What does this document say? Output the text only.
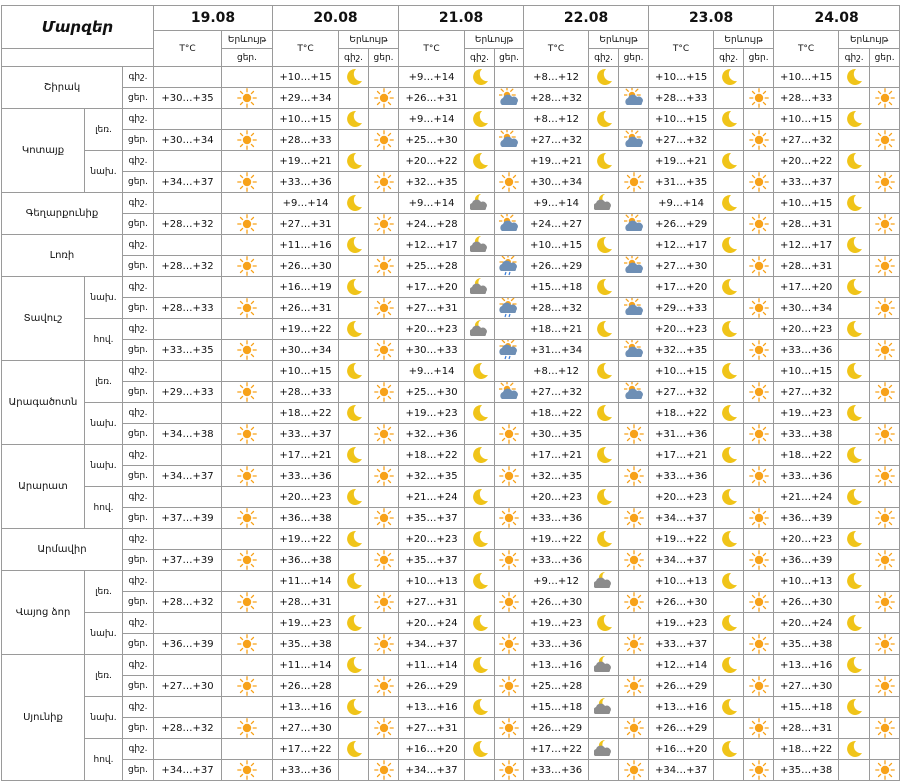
Մարզեր			19.08		20.08			21.08			22.08			23.08			24.08		
			T°C	Երևույթ	T°C	Երևույթ		T°C	Երևույթ		T°C	Երևույթ		T°C	Երևույթ		T°C	Երևույթ	
				ցեր.		գիշ.	ցեր.		գիշ.	ցեր.		գիշ.	ցեր.		գիշ.	ցեր.		գիշ.	ցեր.
Շիրակ		գիշ.			+10…+15			+9…+14			+8…+12			+10…+15			+10…+15		
		ցեր.	+30…+35		+29…+34			+26…+31			+28…+32			+28…+33			+28…+33		
Կոտայք	լեռ.	գիշ.			+10…+15			+9…+14			+8…+12			+10…+15			+10…+15		
		ցեր.	+30…+34		+28…+33			+25…+30			+27…+32			+27…+32			+27…+32		
	նախ.	գիշ.			+19…+21			+20…+22			+19…+21			+19…+21			+20…+22		
		ցեր.	+34…+37		+33…+36			+32…+35			+30…+34			+31…+35			+33…+37		
Գեղարքունիք		գիշ.			+9…+14			+9…+14			+9…+14			+9…+14			+10…+15		
		ցեր.	+28…+32		+27…+31			+24…+28			+24…+27			+26…+29			+28…+31		
Լոռի		գիշ.			+11…+16			+12…+17			+10…+15			+12…+17			+12…+17		
		ցեր.	+28…+32		+26…+30			+25…+28			+26…+29			+27…+30			+28…+31		
Տավուշ	նախ.	գիշ.			+16…+19			+17…+20			+15…+18			+17…+20			+17…+20		
		ցեր.	+28…+33		+26…+31			+27…+31			+28…+32			+29…+33			+30…+34		
	հով.	գիշ.			+19…+22			+20…+23			+18…+21			+20…+23			+20…+23		
		ցեր.	+33…+35		+30…+34			+30…+33			+31…+34			+32…+35			+33…+36		
Արագածոտն	լեռ.	գիշ.			+10…+15			+9…+14			+8…+12			+10…+15			+10…+15		
		ցեր.	+29…+33		+28…+33			+25…+30			+27…+32			+27…+32			+27…+32		
	նախ.	գիշ.			+18…+22			+19…+23			+18…+22			+18…+22			+19…+23		
		ցեր.	+34…+38		+33…+37			+32…+36			+30…+35			+31…+36			+33…+38		
Արարատ	նախ.	գիշ.			+17…+21			+18…+22			+17…+21			+17…+21			+18…+22		
		ցեր.	+34…+37		+33…+36			+32…+35			+32…+35			+33…+36			+33…+36		
	հով.	գիշ.			+20…+23			+21…+24			+20…+23			+20…+23			+21…+24		
		ցեր.	+37…+39		+36…+38			+35…+37			+33…+36			+34…+37			+36…+39		
Արմավիր		գիշ.			+19…+22			+20…+23			+19…+22			+19…+22			+20…+23		
		ցեր.	+37…+39		+36…+38			+35…+37			+33…+36			+34…+37			+36…+39		
Վայոց ձոր	լեռ.	գիշ.			+11…+14			+10…+13			+9…+12			+10…+13			+10…+13		
		ցեր.	+28…+32		+28…+31			+27…+31			+26…+30			+26…+30			+26…+30		
	նախ.	գիշ.			+19…+23			+20…+24			+19…+23			+19…+23			+20…+24		
		ցեր.	+36…+39		+35…+38			+34…+37			+33…+36			+33…+37			+35…+38		
Սյունիք	լեռ.	գիշ.			+11…+14			+11…+14			+13…+16			+12…+14			+13…+16		
		ցեր.	+27…+30		+26…+28			+26…+29			+25…+28			+26…+29			+27…+30		
	նախ.	գիշ.			+13…+16			+13…+16			+15…+18			+13…+16			+15…+18		
		ցեր.	+28…+32		+27…+30			+27…+31			+26…+29			+26…+29			+28…+31		
	հով.	գիշ.			+17…+22			+16…+20			+17…+22			+16…+20			+18…+22		
		ցեր.	+34…+37		+33…+36			+34…+37			+33…+36			+34…+37			+35…+38		
